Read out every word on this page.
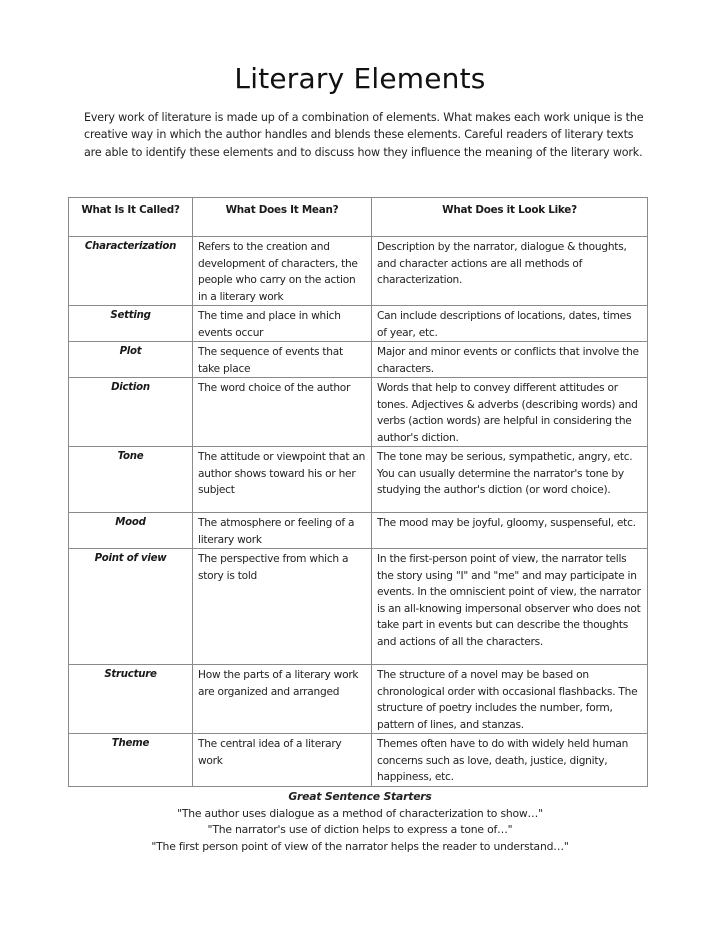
Literary Elements
Every work of literature is made up of a combination of elements. What makes each work unique is the creative way in which the author handles and blends these elements. Careful readers of literary texts are able to identify these elements and to discuss how they influence the meaning of the literary work.
What Is It Called?	What Does It Mean?	What Does it Look Like?
Characterization	Refers to the creation and development of characters, the people who carry on the action in a literary work	Description by the narrator, dialogue & thoughts, and character actions are all methods of characterization.
Setting	The time and place in which events occur	Can include descriptions of locations, dates, times of year, etc.
Plot	The sequence of events that take place	Major and minor events or conflicts that involve the characters.
Diction	The word choice of the author	Words that help to convey different attitudes or tones. Adjectives & adverbs (describing words) and verbs (action words) are helpful in considering the author's diction.
Tone	The attitude or viewpoint that an author shows toward his or her subject	The tone may be serious, sympathetic, angry, etc. You can usually determine the narrator's tone by studying the author's diction (or word choice).
Mood	The atmosphere or feeling of a literary work	The mood may be joyful, gloomy, suspenseful, etc.
Point of view	The perspective from which a story is told	In the first-person point of view, the narrator tells the story using "I" and "me" and may participate in events. In the omniscient point of view, the narrator is an all-knowing impersonal observer who does not take part in events but can describe the thoughts and actions of all the characters.
Structure	How the parts of a literary work are organized and arranged	The structure of a novel may be based on chronological order with occasional flashbacks. The structure of poetry includes the number, form, pattern of lines, and stanzas.
Theme	The central idea of a literary work	Themes often have to do with widely held human concerns such as love, death, justice, dignity, happiness, etc.
Great Sentence Starters
"The author uses dialogue as a method of characterization to show…"
"The narrator's use of diction helps to express a tone of…"
"The first person point of view of the narrator helps the reader to understand…"
